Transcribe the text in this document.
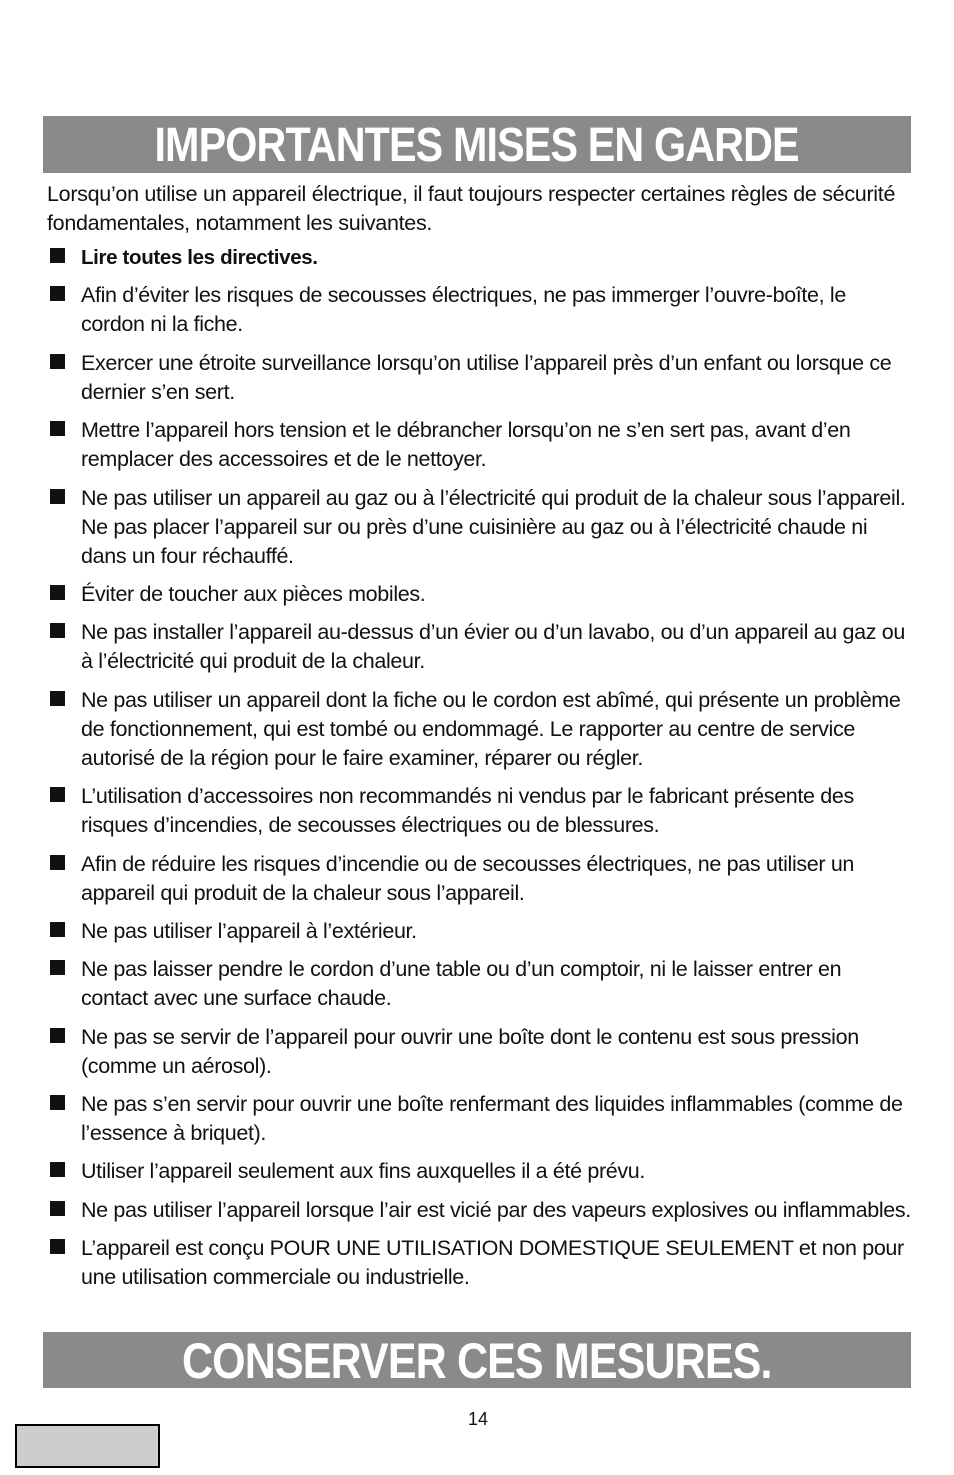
IMPORTANTES MISES EN GARDE
Lorsqu’on utilise un appareil électrique, il faut toujours respecter certaines règles de sécurité fondamentales, notamment les suivantes.
Lire toutes les directives.
Afin d’éviter les risques de secousses électriques, ne pas immerger l’ouvre-boîte, le cordon ni la fiche.
Exercer une étroite surveillance lorsqu’on utilise l’appareil près d’un enfant ou lorsque ce dernier s’en sert.
Mettre l’appareil hors tension et le débrancher lorsqu’on ne s’en sert pas, avant d’en remplacer des accessoires et de le nettoyer.
Ne pas utiliser un appareil au gaz ou à l’électricité qui produit de la chaleur sous l’appareil. Ne pas placer l’appareil sur ou près d’une cuisinière au gaz ou à l’électricité chaude ni dans un four réchauffé.
Éviter de toucher aux pièces mobiles.
Ne pas installer l’appareil au-dessus d’un évier ou d’un lavabo, ou d’un appareil au gaz ou à l’électricité qui produit de la chaleur.
Ne pas utiliser un appareil dont la fiche ou le cordon est abîmé, qui présente un problème de fonctionnement, qui est tombé ou endommagé. Le rapporter au centre de service autorisé de la région pour le faire examiner, réparer ou régler.
L’utilisation d’accessoires non recommandés ni vendus par le fabricant présente des risques d’incendies, de secousses électriques ou de blessures.
Afin de réduire les risques d’incendie ou de secousses électriques, ne pas utiliser un appareil qui produit de la chaleur sous l’appareil.
Ne pas utiliser l’appareil à l’extérieur.
Ne pas laisser pendre le cordon d’une table ou d’un comptoir, ni le laisser entrer en contact avec une surface chaude.
Ne pas se servir de l’appareil pour ouvrir une boîte dont le contenu est sous pression (comme un aérosol).
Ne pas s’en servir pour ouvrir une boîte renfermant des liquides inflammables (comme de l’essence à briquet).
Utiliser l’appareil seulement aux fins auxquelles il a été prévu.
Ne pas utiliser l’appareil lorsque l’air est vicié par des vapeurs explosives ou inflammables.
L’appareil est conçu POUR UNE UTILISATION DOMESTIQUE SEULEMENT et non pour une utilisation commerciale ou industrielle.
CONSERVER CES MESURES.
14
